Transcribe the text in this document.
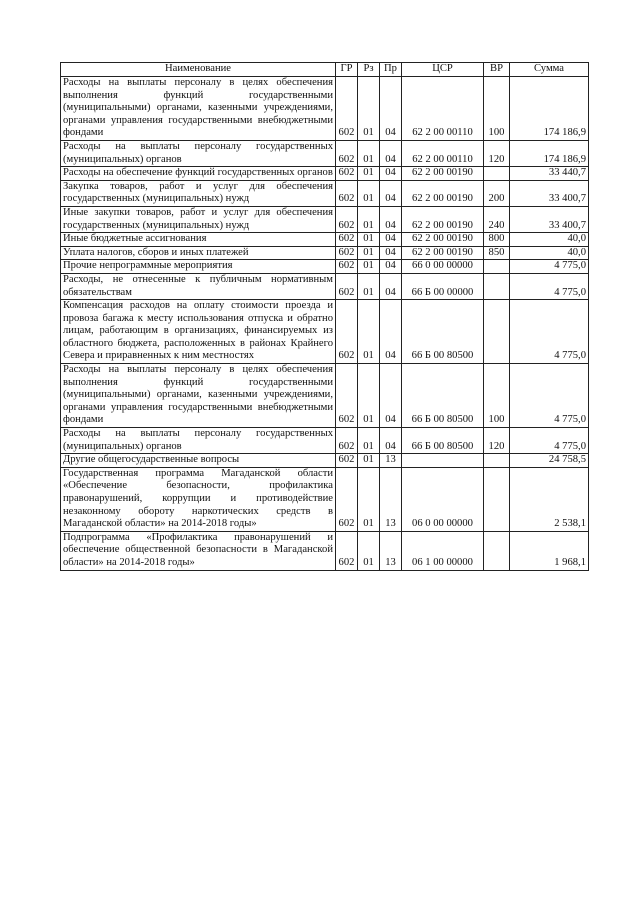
Наименование	ГР	Рз	Пр	ЦСР	ВР	Сумма
Расходы на выплаты персоналу в целях обеспечения выполнения функций государственными (муниципальными) органами, казенными учреждениями, органами управления государственными внебюджетными фондами	602	01	04	62 2 00 00110	100	174 186,9
Расходы на выплаты персоналу государственных (муниципальных) органов	602	01	04	62 2 00 00110	120	174 186,9
Расходы на обеспечение функций государственных органов	602	01	04	62 2 00 00190		33 440,7
Закупка товаров, работ и услуг для обеспечения государственных (муниципальных) нужд	602	01	04	62 2 00 00190	200	33 400,7
Иные закупки товаров, работ и услуг для обеспечения государственных (муниципальных) нужд	602	01	04	62 2 00 00190	240	33 400,7
Иные бюджетные ассигнования	602	01	04	62 2 00 00190	800	40,0
Уплата налогов, сборов и иных платежей	602	01	04	62 2 00 00190	850	40,0
Прочие непрограммные мероприятия	602	01	04	66 0 00 00000		4 775,0
Расходы, не отнесенные к публичным нормативным обязательствам	602	01	04	66 Б 00 00000		4 775,0
Компенсация расходов на оплату стоимости проезда и провоза багажа к месту использования отпуска и обратно лицам, работающим в организациях, финансируемых из областного бюджета, расположенных в районах Крайнего Севера и приравненных к ним местностях	602	01	04	66 Б 00 80500		4 775,0
Расходы на выплаты персоналу в целях обеспечения выполнения функций государственными (муниципальными) органами, казенными учреждениями, органами управления государственными внебюджетными фондами	602	01	04	66 Б 00 80500	100	4 775,0
Расходы на выплаты персоналу государственных (муниципальных) органов	602	01	04	66 Б 00 80500	120	4 775,0
Другие общегосударственные вопросы	602	01	13			24 758,5
Государственная программа Магаданской области «Обеспечение безопасности, профилактика правонарушений, коррупции и противодействие незаконному обороту наркотических средств в Магаданской области» на 2014-2018 годы»	602	01	13	06 0 00 00000		2 538,1
Подпрограмма «Профилактика правонарушений и обеспечение общественной безопасности в Магаданской области» на 2014-2018 годы»	602	01	13	06 1 00 00000		1 968,1
